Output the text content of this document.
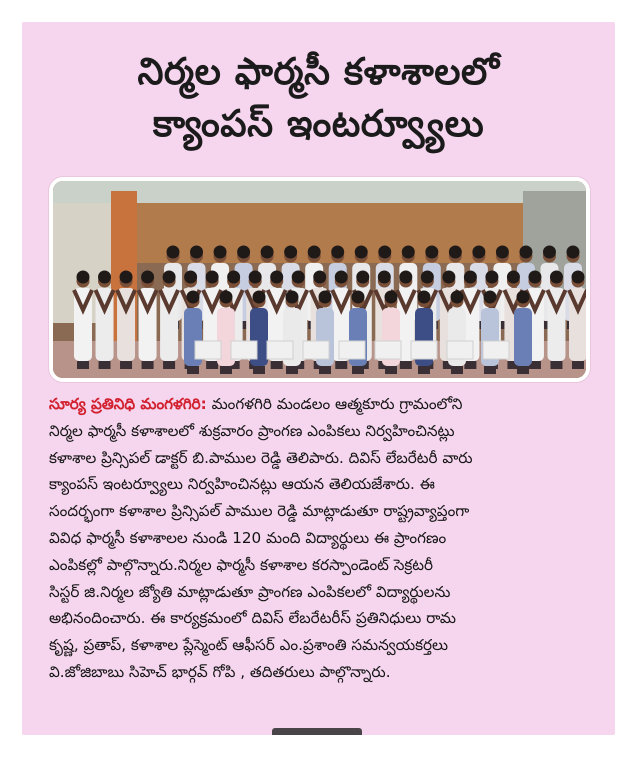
నిర్మల ఫార్మసీ కళాశాలలో
క్యాంపస్ ఇంటర్వ్యూలు
సూర్య ప్రతినిధి మంగళగిరి: మంగళగిరి మండలం ఆత్మకూరు గ్రామంలోని
నిర్మల ఫార్మసీ కళాశాలలో శుక్రవారం ప్రాంగణ ఎంపికలు నిర్వహించినట్లు
కళాశాల ప్రిన్సిపల్ డాక్టర్ బి.పాముల రెడ్డి తెలిపారు. దివిస్ లేబరేటరీ వారు
క్యాంపస్ ఇంటర్వ్యూలు నిర్వహించినట్లు ఆయన తెలియజేశారు. ఈ
సందర్భంగా కళాశాల ప్రిన్సిపల్ పాముల రెడ్డి మాట్లాడుతూ రాష్ట్రవ్యాప్తంగా
వివిధ ఫార్మసీ కళాశాలల నుండి 120 మంది విద్యార్థులు ఈ ప్రాంగణం
ఎంపికల్లో పాల్గొన్నారు.నిర్మల ఫార్మసీ కళాశాల కరస్పాండెంట్ సెక్రటరీ
సిస్టర్ జి.నిర్మల జ్యోతి మాట్లాడుతూ ప్రాంగణ ఎంపికలలో విద్యార్థులను
అభినందించారు. ఈ కార్యక్రమంలో దివిస్ లేబరేటరీస్ ప్రతినిధులు రామ
కృష్ణ, ప్రతాప్, కళాశాల ప్లేస్మెంట్ ఆఫీసర్ ఎం.ప్రశాంతి సమన్వయకర్తలు
వి.జోజిబాబు సిహెచ్ భార్గవ్ గోపి , తదితరులు పాల్గొన్నారు.
